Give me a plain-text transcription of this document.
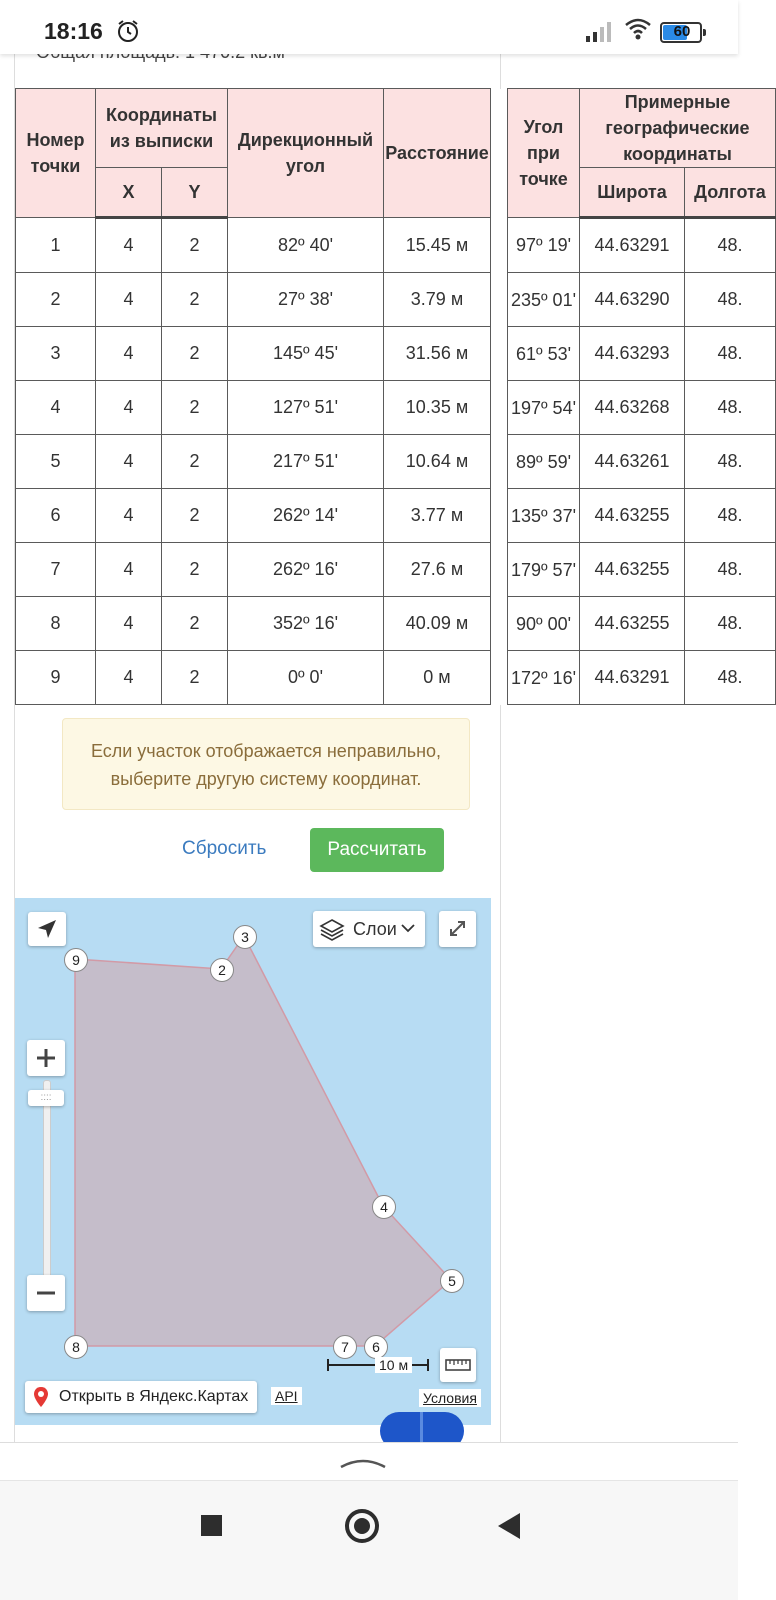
18:16	60
Номер точки	Координаты из выписки		Дирекционный угол	Расстояние		Угол при точке	Примерные географические координаты	
	X	Y					Широта	Долгота
1	4	2	82º 40'	15.45 м		97º 19'	44.63291	48.
2	4	2	27º 38'	3.79 м		235º 01'	44.63290	48.
3	4	2	145º 45'	31.56 м		61º 53'	44.63293	48.
4	4	2	127º 51'	10.35 м		197º 54'	44.63268	48.
5	4	2	217º 51'	10.64 м		89º 59'	44.63261	48.
6	4	2	262º 14'	3.77 м		135º 37'	44.63255	48.
7	4	2	262º 16'	27.6 м		179º 57'	44.63255	48.
8	4	2	352º 16'	40.09 м		90º 00'	44.63255	48.
9	4	2	0º 0'	0 м		172º 16'	44.63291	48.
Если участок отображается неправильно,
выберите другую систему координат.
Сбросить	Рассчитать
Слои
::::
9
2
3
4
5
6
7
8
10 м
Открыть в Яндекс.Картах API	Условия
